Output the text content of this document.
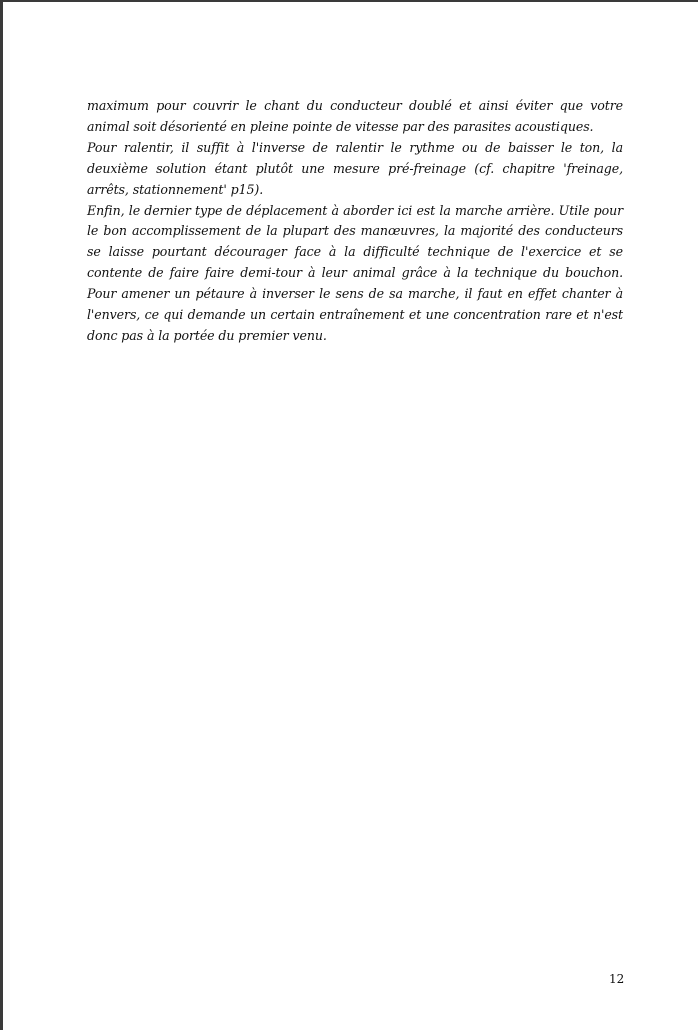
maximum pour couvrir le chant du conducteur doublé et ainsi éviter que votre animal soit désorienté en pleine pointe de vitesse par des parasites acoustiques.

Pour ralentir, il suffit à l'inverse de ralentir le rythme ou de baisser le ton, la deuxième solution étant plutôt une mesure pré-freinage (cf. chapitre 'freinage, arrêts, stationnement' p15).

Enfin, le dernier type de déplacement à aborder ici est la marche arrière. Utile pour le bon accomplissement de la plupart des manœuvres, la majorité des conducteurs se laisse pourtant décourager face à la difficulté technique de l'exercice et se contente de faire faire demi-tour à leur animal grâce à la technique du bouchon. Pour amener un pétaure à inverser le sens de sa marche, il faut en effet chanter à l'envers, ce qui demande un certain entraînement et une concentration rare et n'est donc pas à la portée du premier venu.

12
